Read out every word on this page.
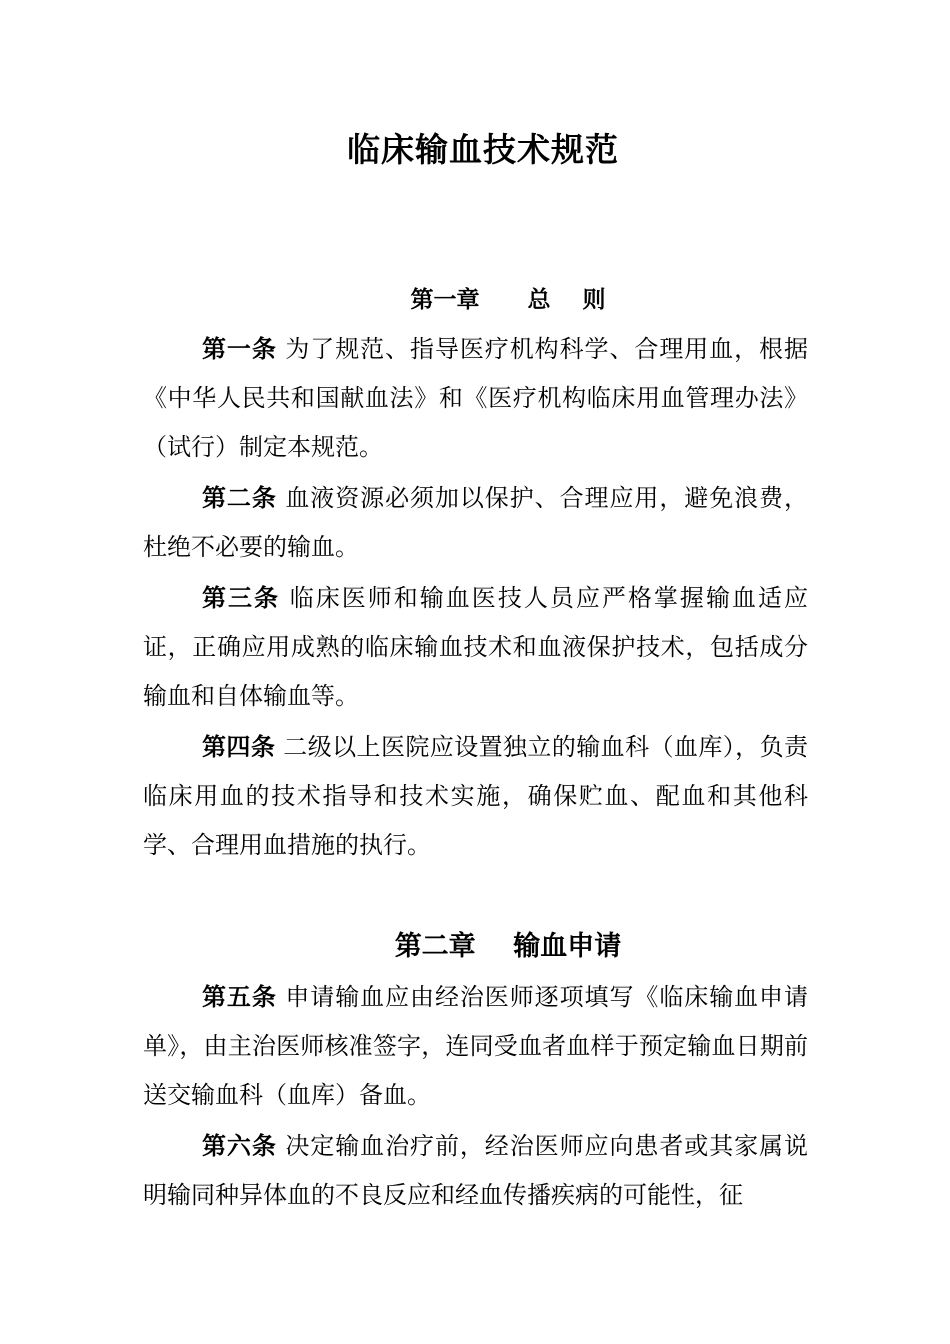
临床输血技术规范
第一章      总    则

第一条 为了规范、指导医疗机构科学、合理用血，根据《中华人民共和国献血法》和《医疗机构临床用血管理办法》（试行）制定本规范。

第二条 血液资源必须加以保护、合理应用，避免浪费，杜绝不必要的输血。

第三条 临床医师和输血医技人员应严格掌握输血适应证，正确应用成熟的临床输血技术和血液保护技术，包括成分输血和自体输血等。

第四条 二级以上医院应设置独立的输血科（血库），负责临床用血的技术指导和技术实施，确保贮血、配血和其他科学、合理用血措施的执行。

第二章    输血申请

第五条 申请输血应由经治医师逐项填写《临床输血申请单》，由主治医师核准签字，连同受血者血样于预定输血日期前送交输血科（血库）备血。

第六条 决定输血治疗前，经治医师应向患者或其家属说明输同种异体血的不良反应和经血传播疾病的可能性，征
